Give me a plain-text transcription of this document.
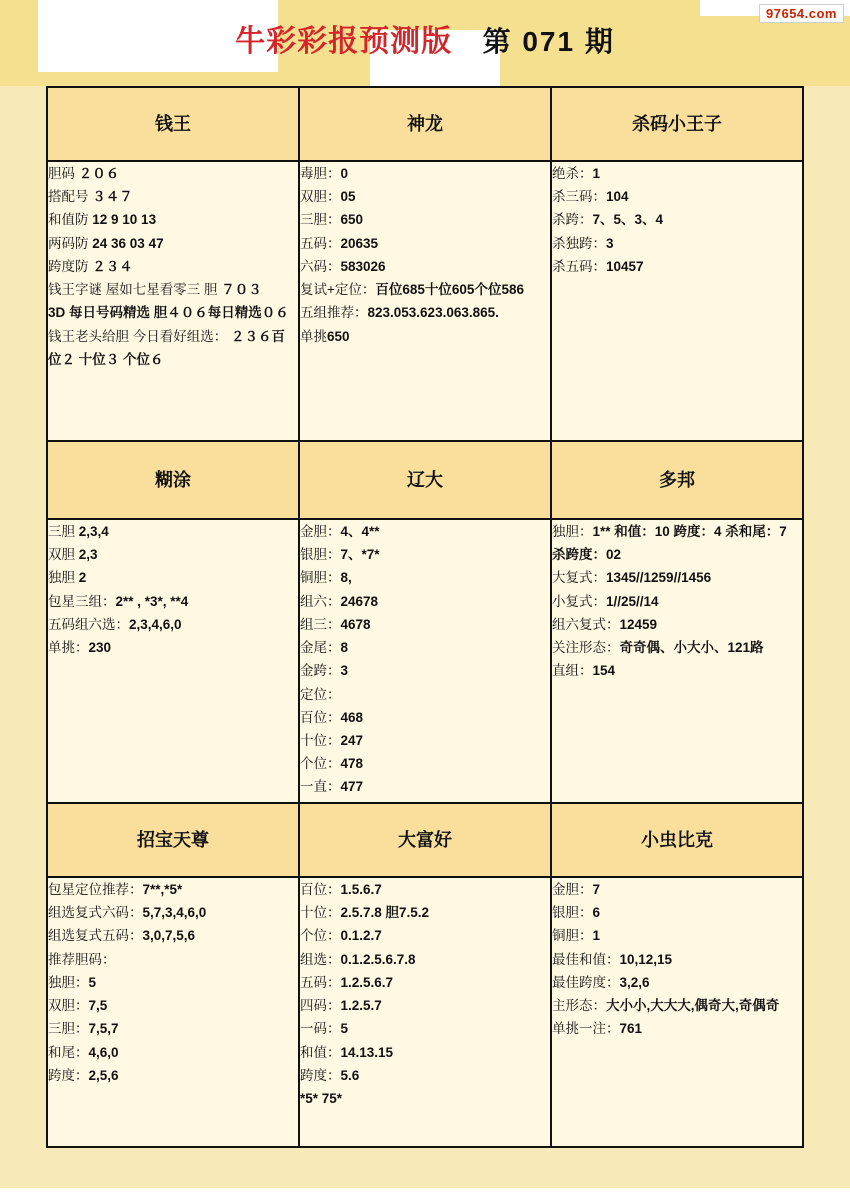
97654.com
牛彩彩报预测版 第 071 期
钱王	神龙	杀码小王子

胆码 ２０６
搭配号 ３４７
和值防 12 9 10 13
两码防 24 36 03 47
跨度防 ２３４
钱王字谜 屋如七星看零三 胆 ７０３
3D 每日号码精选 胆４０６每日精选０６
钱王老头给胆 今日看好组选： ２３６百位２ 十位３ 个位６

毒胆：0
双胆：05
三胆：650
五码：20635
六码：583026
复试+定位：百位685十位605个位586
五组推荐：823.053.623.063.865.
单挑650

绝杀：1
杀三码：104
杀跨：7、5、3、4
杀独跨：3
杀五码：10457

糊涂	辽大	多邦

三胆 2,3,4
双胆 2,3
独胆 2
包星三组：2** , *3*, **4
五码组六选：2,3,4,6,0
单挑：230

金胆：4、4**
银胆：7、*7*
铜胆：8,
组六：24678
组三：4678
金尾：8
金跨：3
定位：
百位：468
十位：247
个位：478
一直：477

独胆：1** 和值：10 跨度：4 杀和尾：7 杀跨度：02
大复式：1345//1259//1456
小复式：1//25//14
组六复式：12459
关注形态：奇奇偶、小大小、121路
直组：154

招宝天尊	大富好	小虫比克

包星定位推荐：7**,*5*
组选复式六码：5,7,3,4,6,0
组选复式五码：3,0,7,5,6
推荐胆码：
独胆：5
双胆：7,5
三胆：7,5,7
和尾：4,6,0
跨度：2,5,6

百位：1.5.6.7
十位：2.5.7.8 胆7.5.2
个位：0.1.2.7
组选：0.1.2.5.6.7.8
五码：1.2.5.6.7
四码：1.2.5.7
一码：5
和值：14.13.15
跨度：5.6
*5* 75*

金胆：7
银胆：6
铜胆：1
最佳和值：10,12,15
最佳跨度：3,2,6
主形态：大小小,大大大,偶奇大,奇偶奇
单挑一注：761
